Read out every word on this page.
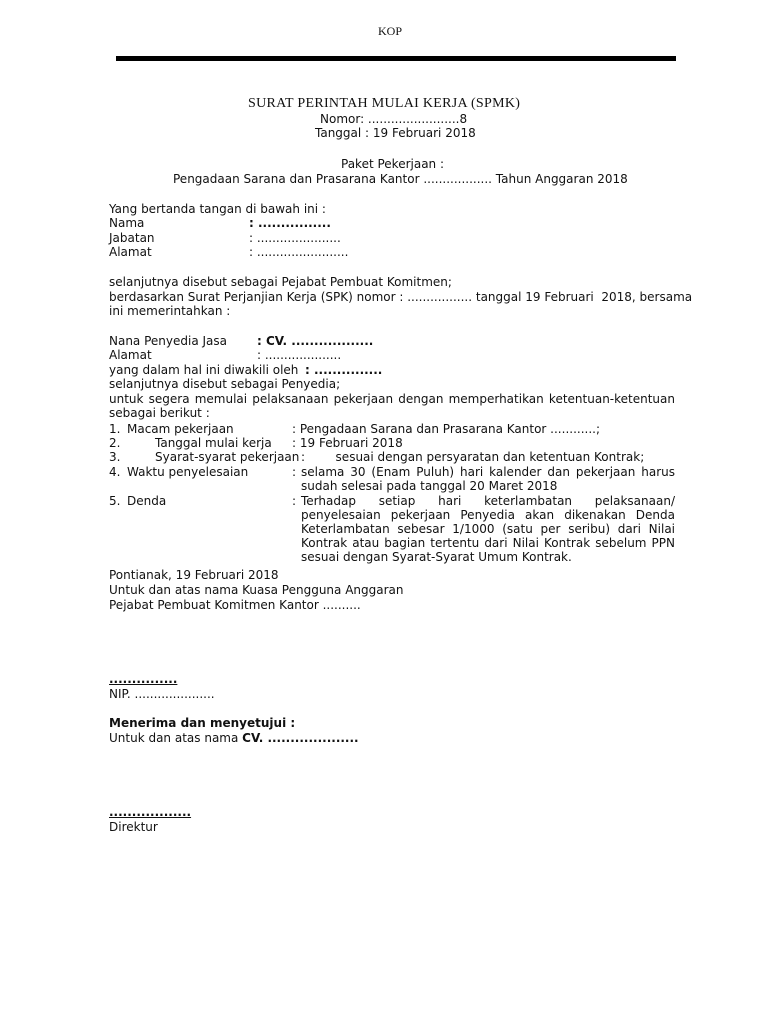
KOP
SURAT PERINTAH MULAI KERJA (SPMK)
Nomor: ........................8
Tanggal : 19 Februari 2018
Paket Pekerjaan :
Pengadaan Sarana dan Prasarana Kantor .................. Tahun Anggaran 2018
Yang bertanda tangan di bawah ini :
Nama	: ................
Jabatan	: ......................
Alamat	: ........................
selanjutnya disebut sebagai Pejabat Pembuat Komitmen;
berdasarkan Surat Perjanjian Kerja (SPK) nomor : ................. tanggal 19 Februari  2018, bersama
ini memerintahkan :
Nana Penyedia Jasa : CV. ..................
Alamat	: ....................
yang dalam hal ini diwakili oleh : ...............
selanjutnya disebut sebagai Penyedia;
untuk segera memulai pelaksanaan pekerjaan dengan memperhatikan ketentuan-ketentuan sebagai berikut :
1. Macam pekerjaan	: Pengadaan Sarana dan Prasarana Kantor ............;
2.	Tanggal mulai kerja : 19 Februari 2018
3.	Syarat-syarat pekerjaan :        sesuai dengan persyaratan dan ketentuan Kontrak;
4. Waktu penyelesaian	: selama 30 (Enam Puluh) hari kalender dan pekerjaan harus sudah selesai pada tanggal 20 Maret 2018
5. Denda	: Terhadap setiap hari keterlambatan pelaksanaan/ penyelesaian pekerjaan Penyedia akan dikenakan Denda Keterlambatan sebesar 1/1000 (satu per seribu) dari Nilai Kontrak atau bagian tertentu dari Nilai Kontrak sebelum PPN sesuai dengan Syarat-Syarat Umum Kontrak.
Pontianak, 19 Februari 2018
Untuk dan atas nama Kuasa Pengguna Anggaran
Pejabat Pembuat Komitmen Kantor ..........
...............
NIP. .....................
Menerima dan menyetujui :
Untuk dan atas nama CV. ....................
..................
Direktur
